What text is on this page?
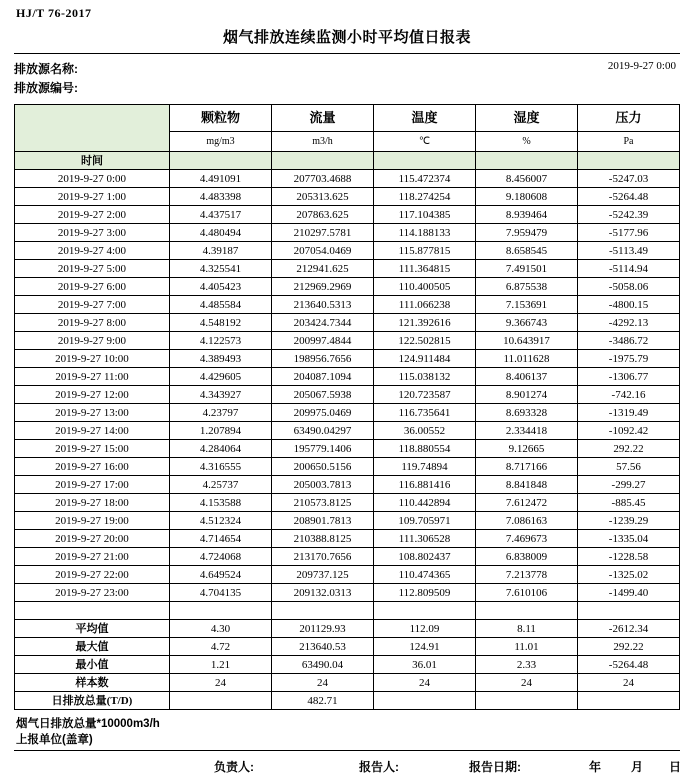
HJ/T 76-2017
烟气排放连续监测小时平均值日报表
排放源名称:
排放源编号:
2019-9-27 0:00
	颗粒物	流量	温度	湿度	压力
	mg/m3	m3/h	℃	%	Pa
时间					
2019-9-27 0:00	4.491091	207703.4688	115.472374	8.456007	-5247.03
2019-9-27 1:00	4.483398	205313.625	118.274254	9.180608	-5264.48
2019-9-27 2:00	4.437517	207863.625	117.104385	8.939464	-5242.39
2019-9-27 3:00	4.480494	210297.5781	114.188133	7.959479	-5177.96
2019-9-27 4:00	4.39187	207054.0469	115.877815	8.658545	-5113.49
2019-9-27 5:00	4.325541	212941.625	111.364815	7.491501	-5114.94
2019-9-27 6:00	4.405423	212969.2969	110.400505	6.875538	-5058.06
2019-9-27 7:00	4.485584	213640.5313	111.066238	7.153691	-4800.15
2019-9-27 8:00	4.548192	203424.7344	121.392616	9.366743	-4292.13
2019-9-27 9:00	4.122573	200997.4844	122.502815	10.643917	-3486.72
2019-9-27 10:00	4.389493	198956.7656	124.911484	11.011628	-1975.79
2019-9-27 11:00	4.429605	204087.1094	115.038132	8.406137	-1306.77
2019-9-27 12:00	4.343927	205067.5938	120.723587	8.901274	-742.16
2019-9-27 13:00	4.23797	209975.0469	116.735641	8.693328	-1319.49
2019-9-27 14:00	1.207894	63490.04297	36.00552	2.334418	-1092.42
2019-9-27 15:00	4.284064	195779.1406	118.880554	9.12665	292.22
2019-9-27 16:00	4.316555	200650.5156	119.74894	8.717166	57.56
2019-9-27 17:00	4.25737	205003.7813	116.881416	8.841848	-299.27
2019-9-27 18:00	4.153588	210573.8125	110.442894	7.612472	-885.45
2019-9-27 19:00	4.512324	208901.7813	109.705971	7.086163	-1239.29
2019-9-27 20:00	4.714654	210388.8125	111.306528	7.469673	-1335.04
2019-9-27 21:00	4.724068	213170.7656	108.802437	6.838009	-1228.58
2019-9-27 22:00	4.649524	209737.125	110.474365	7.213778	-1325.02
2019-9-27 23:00	4.704135	209132.0313	112.809509	7.610106	-1499.40

平均值	4.30	201129.93	112.09	8.11	-2612.34
最大值	4.72	213640.53	124.91	11.01	292.22
最小值	1.21	63490.04	36.01	2.33	-5264.48
样本数	24	24	24	24	24
日排放总量(T/D)		482.71			
烟气日排放总量*10000m3/h
上报单位(盖章)
负责人:	报告人:	报告日期:	年 月 日
